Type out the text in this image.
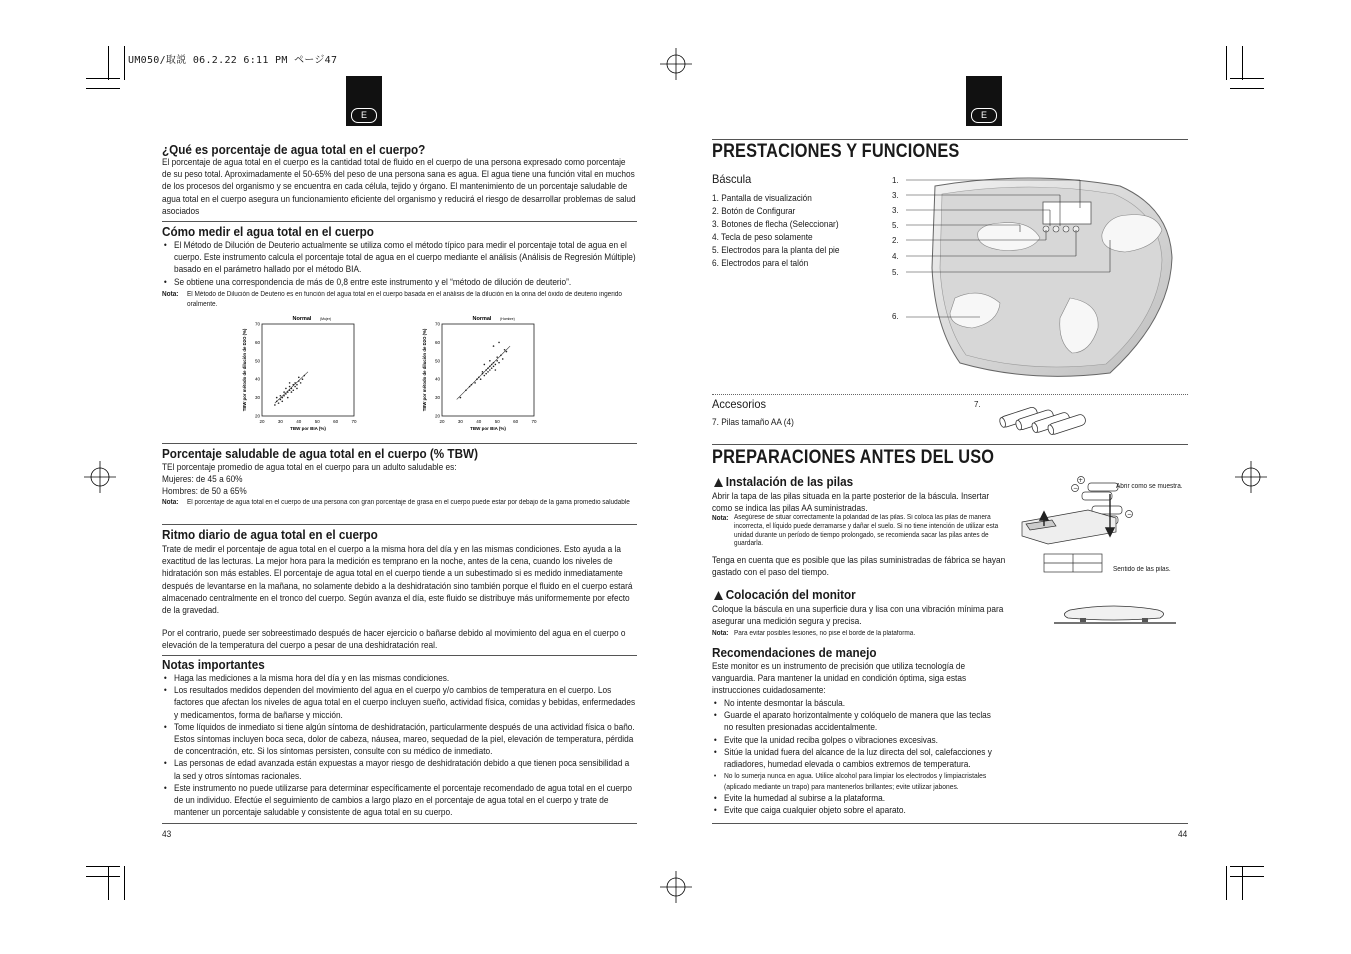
UM050/取説 06.2.22 6:11 PM ページ47
E	E
¿Qué es porcentaje de agua total en el cuerpo?
El porcentaje de agua total en el cuerpo es la cantidad total de fluido en el cuerpo de una persona expresado como porcentaje de su peso total. Aproximadamente el 50-65% del peso de una persona sana es agua. El agua tiene una función vital en muchos de los procesos del organismo y se encuentra en cada célula, tejido y órgano. El mantenimiento de un porcentaje saludable de agua total en el cuerpo asegura un funcionamiento eficiente del organismo y reducirá el riesgo de desarrollar problemas de salud asociados
Cómo medir el agua total en el cuerpo
• El Método de Dilución de Deuterio actualmente se utiliza como el método típico para medir el porcentaje total de agua en el cuerpo. Este instrumento calcula el porcentaje total de agua en el cuerpo mediante el análisis (Análisis de Regresión Múltiple) basado en el parámetro hallado por el método BIA.
• Se obtiene una correspondencia de más de 0,8 entre este instrumento y el “método de dilución de deuterio”.
Nota: El Método de Dilución de Deuterio es en función del agua total en el cuerpo basada en el análisis de la dilución en la orina del óxido de deuterio ingerido oralmente.
Normal (Mujer)
20	30	40	50	60	70
20
30
40
50
60
70
TBW por BIA (%)
TBW por método de dilución de D2O (%)
Normal (Hombre)
20	30	40	50	60	70
20
30
40
50
60
70
TBW por BIA (%)
TBW por método de dilución de D2O (%)
Porcentaje saludable de agua total en el cuerpo (% TBW)
TEl porcentaje promedio de agua total en el cuerpo para un adulto saludable es:
Mujeres: de 45 a 60%
Hombres: de 50 a 65%
Nota: El porcentaje de agua total en el cuerpo de una persona con gran porcentaje de grasa en el cuerpo puede estar por debajo de la gama promedio saludable
Ritmo diario de agua total en el cuerpo
Trate de medir el porcentaje de agua total en el cuerpo a la misma hora del día y en las mismas condiciones. Esto ayuda a la exactitud de las lecturas. La mejor hora para la medición es temprano en la noche, antes de la cena, cuando los niveles de hidratación son más estables. El porcentaje de agua total en el cuerpo tiende a un subestimado si es medido inmediatamente después de levantarse en la mañana, no solamente debido a la deshidratación sino también porque el fluido en el cuerpo estará almacenado centralmente en el tronco del cuerpo. Según avanza el día, este fluido se distribuye más uniformemente por efecto de la gravedad.
Por el contrario, puede ser sobreestimado después de hacer ejercicio o bañarse debido al movimiento del agua en el cuerpo o elevación de la temperatura del cuerpo a pesar de una deshidratación real.
Notas importantes
• Haga las mediciones a la misma hora del día y en las mismas condiciones.
• Los resultados medidos dependen del movimiento del agua en el cuerpo y/o cambios de temperatura en el cuerpo. Los factores que afectan los niveles de agua total en el cuerpo incluyen sueño, actividad física, comidas y bebidas, enfermedades y medicamentos, forma de bañarse y micción.
• Tome líquidos de inmediato si tiene algún síntoma de deshidratación, particularmente después de una actividad física o baño. Estos síntomas incluyen boca seca, dolor de cabeza, náusea, mareo, sequedad de la piel, elevación de temperatura, pérdida de concentración, etc. Si los síntomas persisten, consulte con su médico de inmediato.
• Las personas de edad avanzada están expuestas a mayor riesgo de deshidratación debido a que tienen poca sensibilidad a la sed y otros síntomas racionales.
• Este instrumento no puede utilizarse para determinar específicamente el porcentaje recomendado de agua total en el cuerpo de un individuo. Efectúe el seguimiento de cambios a largo plazo en el porcentaje de agua total en el cuerpo y trate de mantener un porcentaje saludable y consistente de agua total en su cuerpo.
43
PRESTACIONES Y FUNCIONES
Báscula
1. Pantalla de visualización
2. Botón de Configurar
3. Botones de flecha (Seleccionar)
4. Tecla de peso solamente
5. Electrodos para la planta del pie
6. Electrodos para el talón
1.
3.
3.
5.
2.
4.
5.
6.
Accesorios
7. Pilas tamaño AA (4)
7.
PREPARACIONES ANTES DEL USO
Instalación de las pilas
Abrir la tapa de las pilas situada en la parte posterior de la báscula. Insertar como se indica las pilas AA suministradas.
Nota: Asegúrese de situar correctamente la polaridad de las pilas. Si coloca las pilas de manera incorrecta, el líquido puede derramarse y dañar el suelo. Si no tiene intención de utilizar esta unidad durante un período de tiempo prolongado, se recomienda sacar las pilas antes de guardarla.
Tenga en cuenta que es posible que las pilas suministradas de fábrica se hayan gastado con el paso del tiempo.
+
−
−
Abrir como se muestra.
Sentido de las pilas.
Colocación del monitor
Coloque la báscula en una superficie dura y lisa con una vibración mínima para asegurar una medición segura y precisa.
Nota: Para evitar posibles lesiones, no pise el borde de la plataforma.
Recomendaciones de manejo
Este monitor es un instrumento de precisión que utiliza tecnología de vanguardia. Para mantener la unidad en condición óptima, siga estas instrucciones cuidadosamente:
• No intente desmontar la báscula.
• Guarde el aparato horizontalmente y colóquelo de manera que las teclas no resulten presionadas accidentalmente.
• Evite que la unidad reciba golpes o vibraciones excesivas.
• Sitúe la unidad fuera del alcance de la luz directa del sol, calefacciones y radiadores, humedad elevada o cambios extremos de temperatura.
• No lo sumerja nunca en agua. Utilice alcohol para limpiar los electrodos y limpiacristales (aplicado mediante un trapo) para mantenerlos brillantes; evite utilizar jabones.
• Evite la humedad al subirse a la plataforma.
• Evite que caiga cualquier objeto sobre el aparato.
44
